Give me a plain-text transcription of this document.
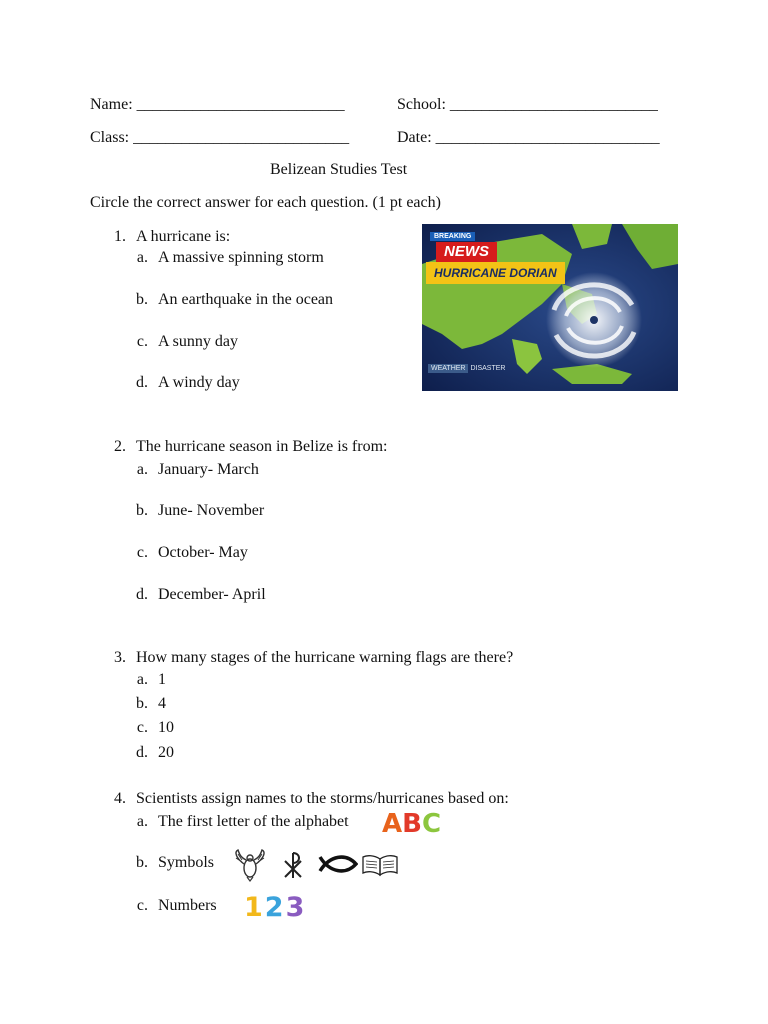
Name: __________________________	School: __________________________
Class: ___________________________	Date: ____________________________
Belizean Studies Test
Circle the correct answer for each question. (1 pt each)
1. A hurricane is:
a. A massive spinning storm
b. An earthquake in the ocean
c. A sunny day
d. A windy day
BREAKING
NEWS
HURRICANE DORIAN
WEATHER DISASTER
2. The hurricane season in Belize is from:
a. January- March
b. June- November
c. October- May
d. December- April
3. How many stages of the hurricane warning flags are there?
a. 1
b. 4
c. 10
d. 20
4. Scientists assign names to the storms/hurricanes based on:
a. The first letter of the alphabet ABC
b. Symbols
c. Numbers 123
